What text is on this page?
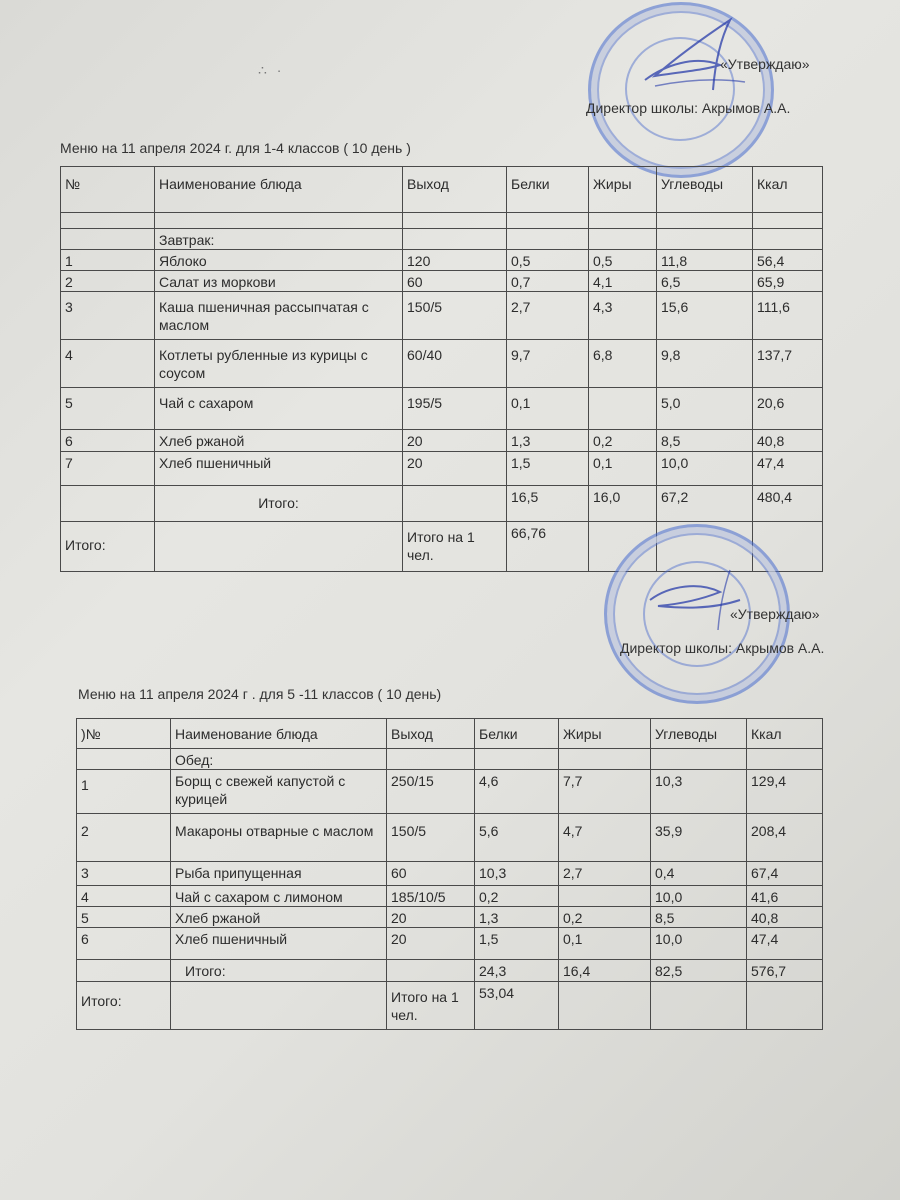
∴ ·	«Утверждаю»
Директор школы: Акрымов А.А.
Меню на 11 апреля 2024 г. для 1-4 классов ( 10 день )
№	Наименование блюда	Выход	Белки	Жиры	Углеводы	Ккал

	Завтрак:					
1	Яблоко	120	0,5	0,5	11,8	56,4
2	Салат из моркови	60	0,7	4,1	6,5	65,9
3	Каша пшеничная рассыпчатая с маслом	150/5	2,7	4,3	15,6	111,6
4	Котлеты рубленные из курицы с соусом	60/40	9,7	6,8	9,8	137,7
5	Чай с сахаром	195/5	0,1		5,0	20,6
6	Хлеб ржаной	20	1,3	0,2	8,5	40,8
7	Хлеб пшеничный	20	1,5	0,1	10,0	47,4
	Итого:		16,5	16,0	67,2	480,4
Итого:		Итого на 1 чел.	66,76			
«Утверждаю»
Директор школы: Акрымов А.А.
Меню на 11 апреля 2024 г . для 5 -11 классов ( 10 день)
)№	Наименование блюда	Выход	Белки	Жиры	Углеводы	Ккал
	Обед:					
1	Борщ с свежей капустой с курицей	250/15	4,6	7,7	10,3	129,4
2	Макароны отварные с маслом	150/5	5,6	4,7	35,9	208,4
3	Рыба припущенная	60	10,3	2,7	0,4	67,4
4	Чай с сахаром с лимоном	185/10/5	0,2		10,0	41,6
5	Хлеб ржаной	20	1,3	0,2	8,5	40,8
6	Хлеб пшеничный	20	1,5	0,1	10,0	47,4
	Итого:		24,3	16,4	82,5	576,7
Итого:		Итого на 1 чел.	53,04			
